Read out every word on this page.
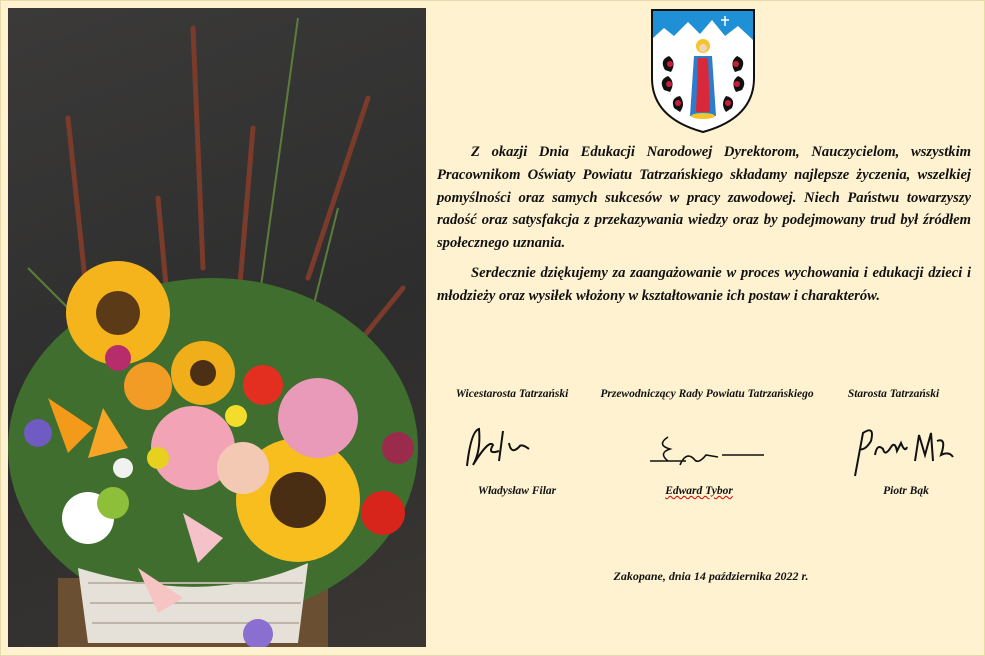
Z okazji Dnia Edukacji Narodowej Dyrektorom, Nauczycielom, wszystkim Pracownikom Oświaty Powiatu Tatrzańskiego składamy najlepsze życzenia, wszelkiej pomyślności oraz samych sukcesów w pracy zawodowej. Niech Państwu towarzyszy radość oraz satysfakcja z przekazywania wiedzy oraz by podejmowany trud był źródłem społecznego uznania.

Serdecznie dziękujemy za zaangażowanie w proces wychowania i edukacji dzieci i młodzieży oraz wysiłek włożony w kształtowanie ich postaw i charakterów.

Wicestarosta Tatrzański
Władysław Filar
Przewodniczący Rady Powiatu Tatrzańskiego
Edward Tybor
Starosta Tatrzański
Piotr Bąk
Zakopane, dnia 14 października 2022 r.
